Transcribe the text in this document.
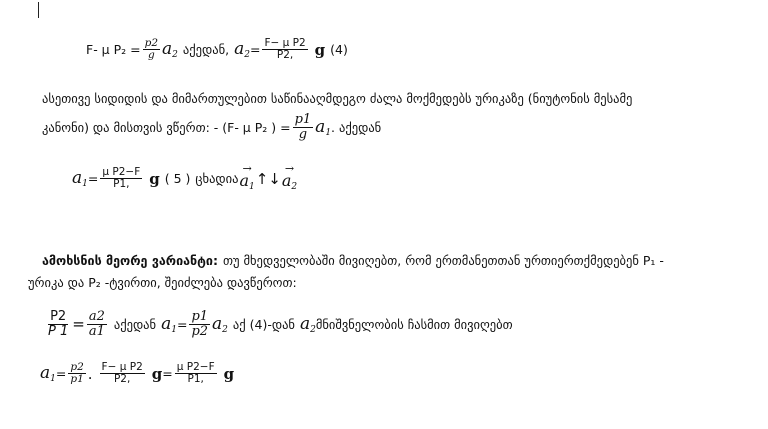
F- μ $P_2 = \frac{p2}{g} a_2$ აქედან, $a_2 = \frac{\text{F− μ P2}}{P2,}$ g (4)
ასეთივე სიდიდის და მიმართულებით საწინააღმდეგო ძალა მოქმედებს ურიკაზე (ნიუტონის მესამე
კანონი) და მისთვის ვწერთ: - (F- μ P₂ ) = $\frac{p1}{g} a_1$ . აქედან
$a_1 = \frac{\text{μ P2−F}}{P1,}$ g ( 5 ) ცხადია
→
$a_1$ ↑↓
→
$a_2$
ამოხსნის მეორე ვარიანტი: თუ მხედველობაში მივიღებთ, რომ ერთმანეთთან ურთიერთქმედებენ P₁ -
ურიკა და P₂ -ტვირთი, შეიძლება დავწეროთ:
$\frac{P2}{P 1} = \frac{a2}{a1}$ აქედან $a_1 = \frac{p1}{p2} a_2$ აქ (4)-დან $a_2$ მნიშვნელობის ჩასმით მივიღებთ
$a_1 = \frac{p2}{p1}$ . $\frac{\text{F− μ P2}}{P2,}$ $g = \frac{\text{μ P2−F}}{P1,}$ g
